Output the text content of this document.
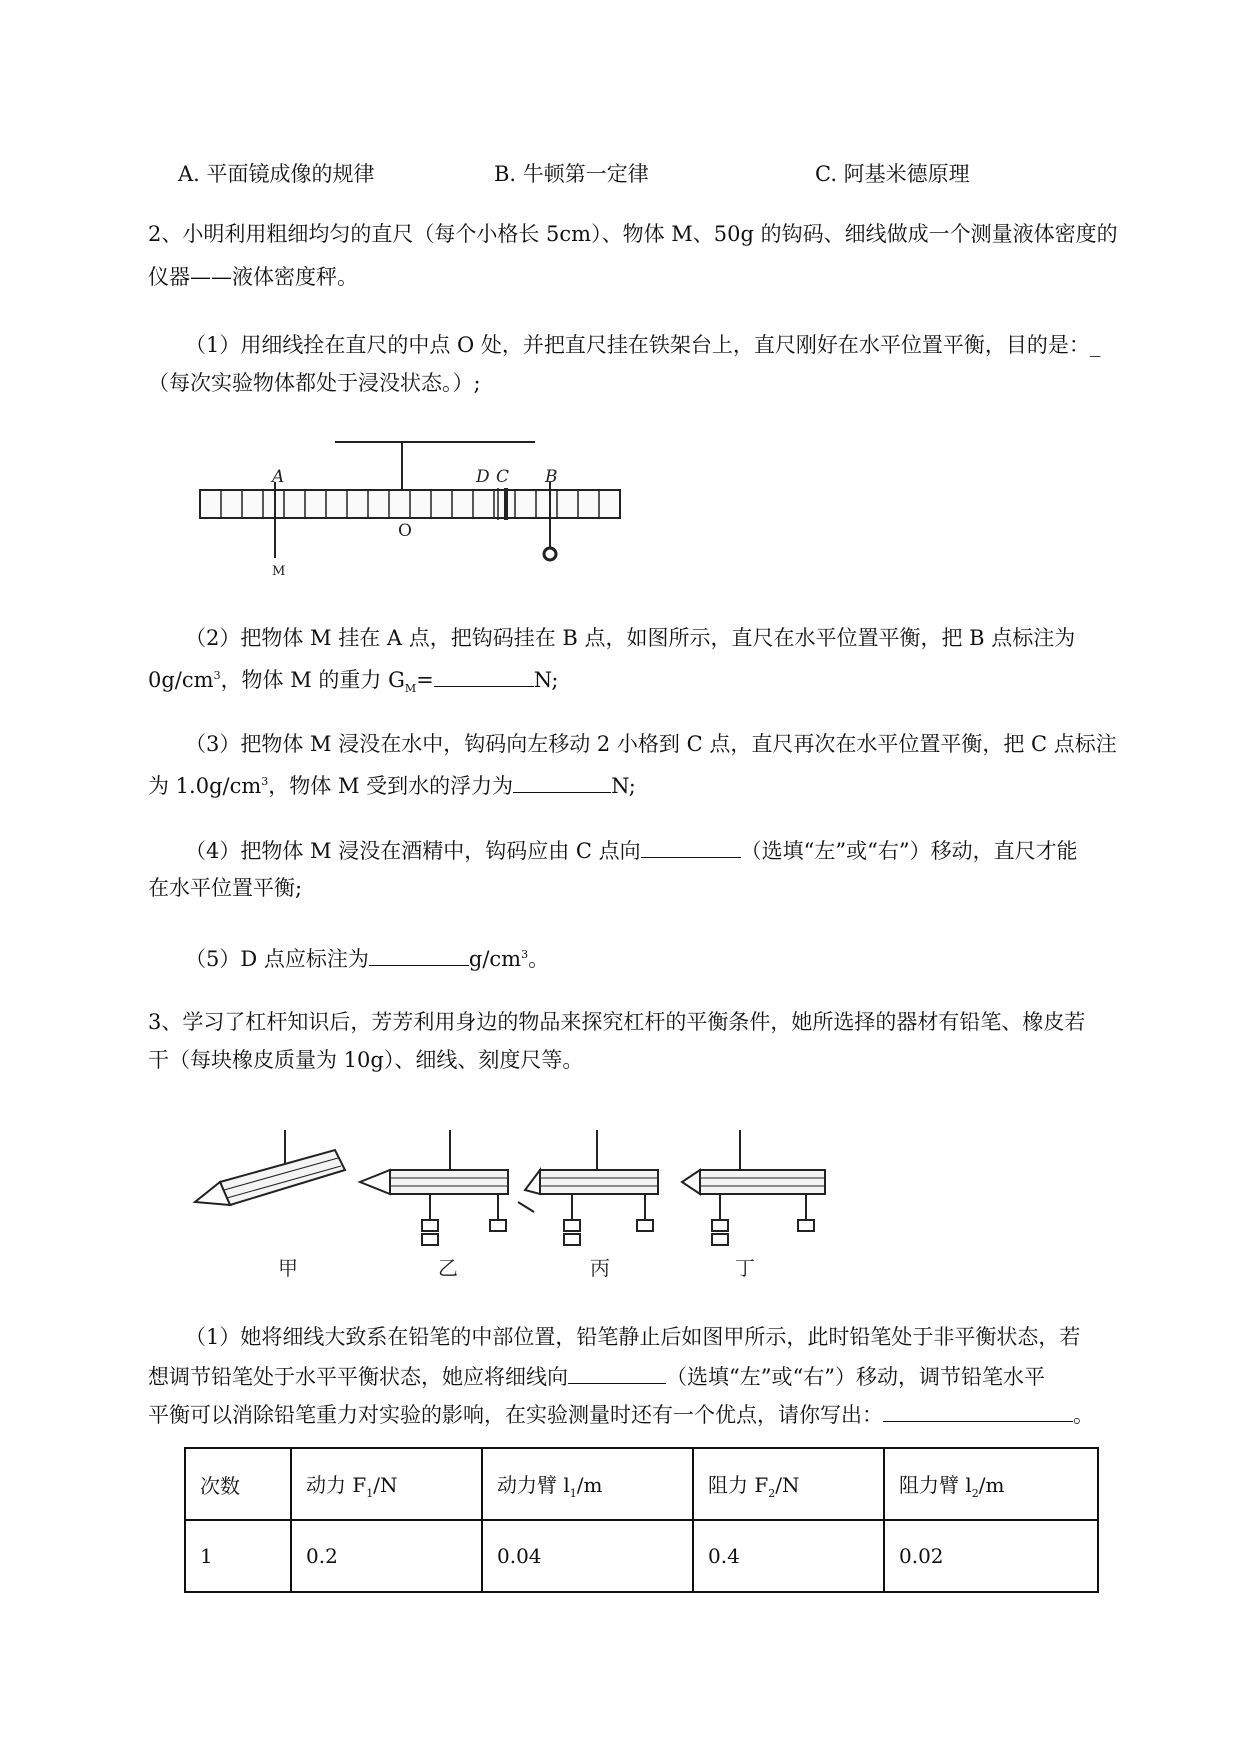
A. 平面镜成像的规律	B. 牛顿第一定律	C. 阿基米德原理
2、小明利用粗细均匀的直尺（每个小格长 5cm）、物体 M、50g 的钩码、细线做成一个测量液体密度的
仪器——液体密度秤。
（1）用细线拴在直尺的中点 O 处，并把直尺挂在铁架台上，直尺刚好在水平位置平衡，目的是：_
（每次实验物体都处于浸没状态。）;
A	D C B
O
M
（2）把物体 M 挂在 A 点，把钩码挂在 B 点，如图所示，直尺在水平位置平衡，把 B 点标注为
$0g/cm^3$，物体 M 的重力 $G_M=$	N;
（3）把物体 M 浸没在水中，钩码向左移动 2 小格到 C 点，直尺再次在水平位置平衡，把 C 点标注
为 $1.0g/cm^3$，物体 M 受到水的浮力为	N;
（4）把物体 M 浸没在酒精中，钩码应由 C 点向	（选填“左”或“右”）移动，直尺才能
在水平位置平衡;
（5）D 点应标注为	$g/cm^3$。
3、学习了杠杆知识后，芳芳利用身边的物品来探究杠杆的平衡条件，她所选择的器材有铅笔、橡皮若
干（每块橡皮质量为 10g）、细线、刻度尺等。
甲	乙	丙	丁
（1）她将细线大致系在铅笔的中部位置，铅笔静止后如图甲所示，此时铅笔处于非平衡状态，若
想调节铅笔处于水平平衡状态，她应将细线向	（选填“左”或“右”）移动，调节铅笔水平
平衡可以消除铅笔重力对实验的影响，在实验测量时还有一个优点，请你写出：	。
次数	动力 $F_1/N$	动力臂 $l_1/m$	阻力 $F_2/N$	阻力臂 $l_2/m$
1	0.2	0.04	0.4	0.02
